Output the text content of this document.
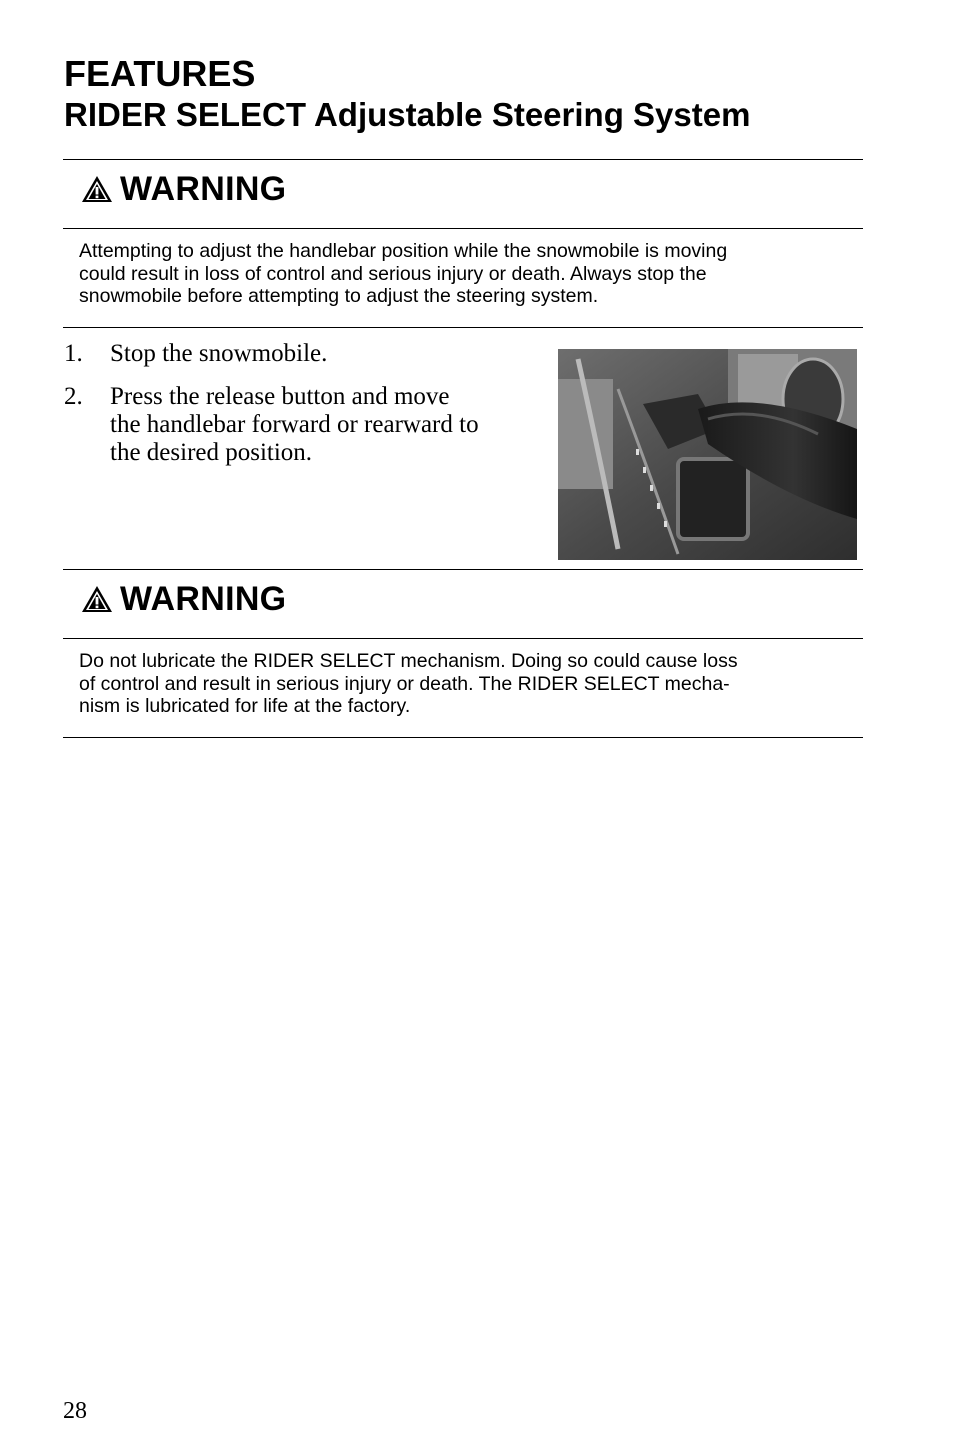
FEATURES
RIDER SELECT Adjustable Steering System
WARNING

Attempting to adjust the handlebar position while the snowmobile is moving
could result in loss of control and serious injury or death. Always stop the
snowmobile before attempting to adjust the steering system.

1. Stop the snowmobile.
2. Press the release button and move the handlebar forward or rearward to the desired position.
WARNING

Do not lubricate the RIDER SELECT mechanism. Doing so could cause loss
of control and result in serious injury or death. The RIDER SELECT mecha-
nism is lubricated for life at the factory.

28
